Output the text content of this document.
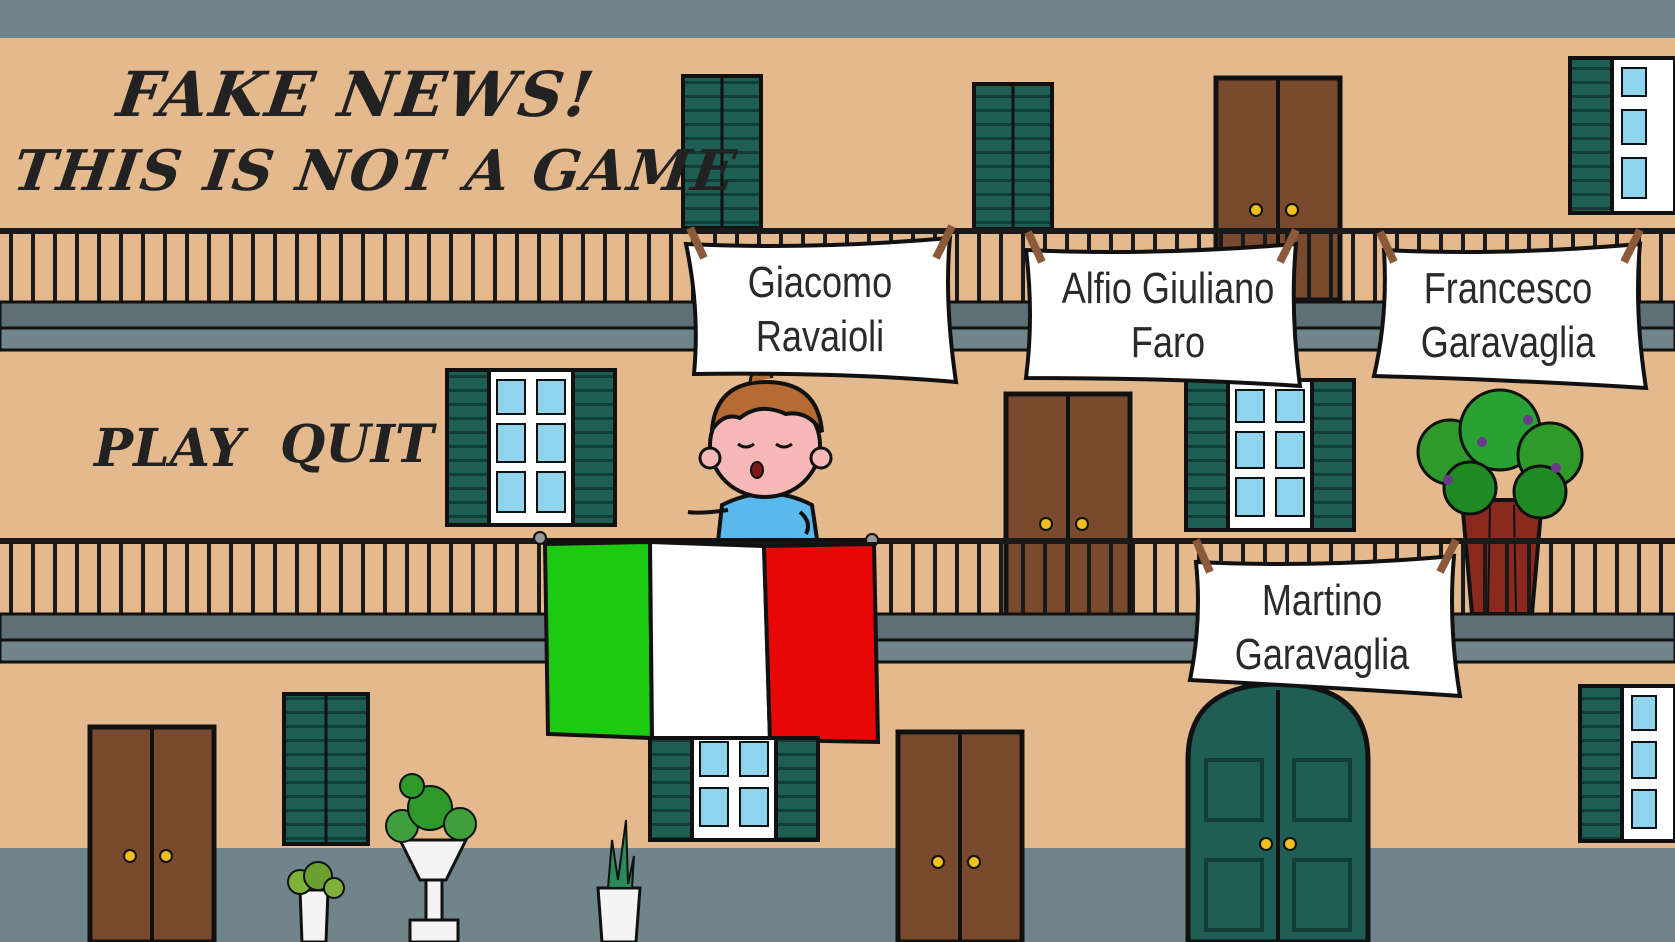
FAKE NEWS!
THIS IS NOT A GAME
PLAY QUIT
Giacomo
Ravaioli
Alfio Giuliano
Faro
Francesco
Garavaglia
Martino
Garavaglia
